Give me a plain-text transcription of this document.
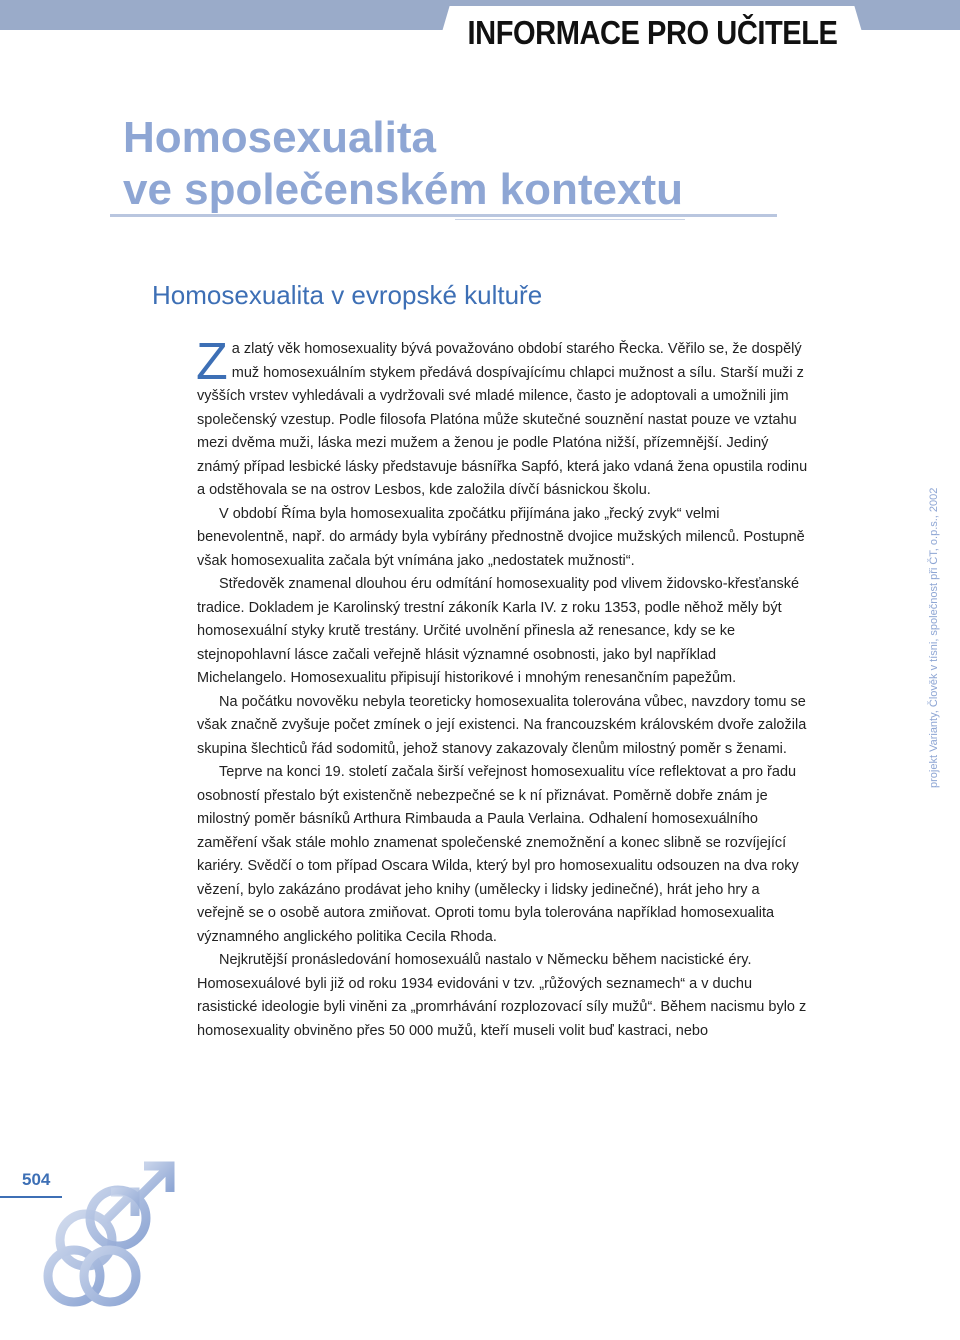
INFORMACE PRO UČITELE
Homosexualita
ve společenském kontextu
Homosexualita v evropské kultuře

Za zlatý věk homosexuality bývá považováno období starého Řecka. Věřilo se, že dospělý muž homosexuálním stykem předává dospívajícímu chlapci mužnost a sílu. Starší muži z vyšších vrstev vyhledávali a vydržovali své mladé milence, často je adoptovali a umožnili jim společenský vzestup. Podle filosofa Platóna může skutečné souznění nastat pouze ve vztahu mezi dvěma muži, láska mezi mužem a ženou je podle Platóna nižší, přízemnější. Jediný známý případ lesbické lásky představuje básnířka Sapfó, která jako vdaná žena opustila rodinu a odstěhovala se na ostrov Lesbos, kde založila dívčí básnickou školu.

V období Říma byla homosexualita zpočátku přijímána jako „řecký zvyk“ velmi benevolentně, např. do armády byla vybírány přednostně dvojice mužských milenců. Postupně však homosexualita začala být vnímána jako „nedostatek mužnosti“.

Středověk znamenal dlouhou éru odmítání homosexuality pod vlivem židovsko-křesťanské tradice. Dokladem je Karolinský trestní zákoník Karla IV. z roku 1353, podle něhož měly být homosexuální styky krutě trestány. Určité uvolnění přinesla až renesance, kdy se ke stejnopohlavní lásce začali veřejně hlásit významné osobnosti, jako byl například Michelangelo. Homosexualitu připisují historikové i mnohým renesančním papežům.

Na počátku novověku nebyla teoreticky homosexualita tolerována vůbec, navzdory tomu se však značně zvyšuje počet zmínek o její existenci. Na francouzském královském dvoře založila skupina šlechticů řád sodomitů, jehož stanovy zakazovaly členům milostný poměr s ženami.

Teprve na konci 19. století začala širší veřejnost homosexualitu více reflektovat a pro řadu osobností přestalo být existenčně nebezpečné se k ní přiznávat. Poměrně dobře znám je milostný poměr básníků Arthura Rimbauda a Paula Verlaina. Odhalení homosexuálního zaměření však stále mohlo znamenat společenské znemožnění a konec slibně se rozvíjející kariéry. Svědčí o tom případ Oscara Wilda, který byl pro homosexualitu odsouzen na dva roky vězení, bylo zakázáno prodávat jeho knihy (umělecky i lidsky jedinečné), hrát jeho hry a veřejně se o osobě autora zmiňovat. Oproti tomu byla tolerována například homosexualita významného anglického politika Cecila Rhoda.

Nejkrutější pronásledování homosexuálů nastalo v Německu během nacistické éry. Homosexuálové byli již od roku 1934 evidováni v tzv. „růžových seznamech“ a v duchu rasistické ideologie byli viněni za „promrhávání rozplozovací síly mužů“. Během nacismu bylo z homosexuality obviněno přes 50 000 mužů, kteří museli volit buď kastraci, nebo

projekt Varianty, Člověk v tísni, společnost při ČT, o.p.s., 2002
504
